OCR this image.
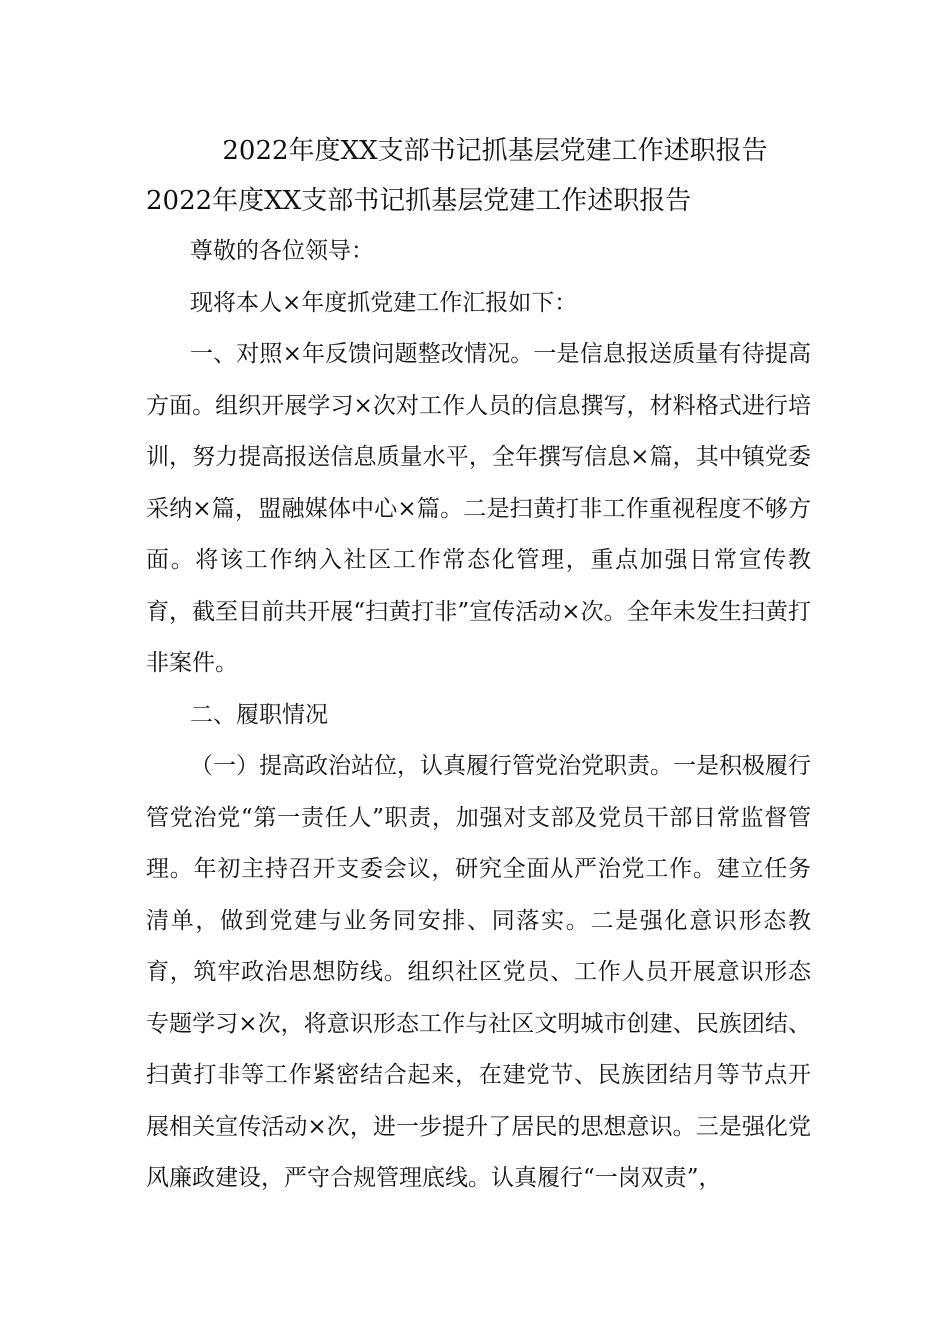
2022年度XX支部书记抓基层党建工作述职报告
2022年度XX支部书记抓基层党建工作述职报告

尊敬的各位领导：

现将本人×年度抓党建工作汇报如下：

一、对照×年反馈问题整改情况。一是信息报送质量有待提高方面。组织开展学习×次对工作人员的信息撰写，材料格式进行培训，努力提高报送信息质量水平，全年撰写信息×篇，其中镇党委采纳×篇，盟融媒体中心×篇。二是扫黄打非工作重视程度不够方面。将该工作纳入社区工作常态化管理，重点加强日常宣传教育，截至目前共开展“扫黄打非”宣传活动×次。全年未发生扫黄打非案件。

二、履职情况

（一）提高政治站位，认真履行管党治党职责。一是积极履行管党治党“第一责任人”职责，加强对支部及党员干部日常监督管理。年初主持召开支委会议，研究全面从严治党工作。建立任务清单，做到党建与业务同安排、同落实。二是强化意识形态教育，筑牢政治思想防线。组织社区党员、工作人员开展意识形态专题学习×次，将意识形态工作与社区文明城市创建、民族团结、扫黄打非等工作紧密结合起来，在建党节、民族团结月等节点开展相关宣传活动×次，进一步提升了居民的思想意识。三是强化党风廉政建设，严守合规管理底线。认真履行“一岗双责”，
